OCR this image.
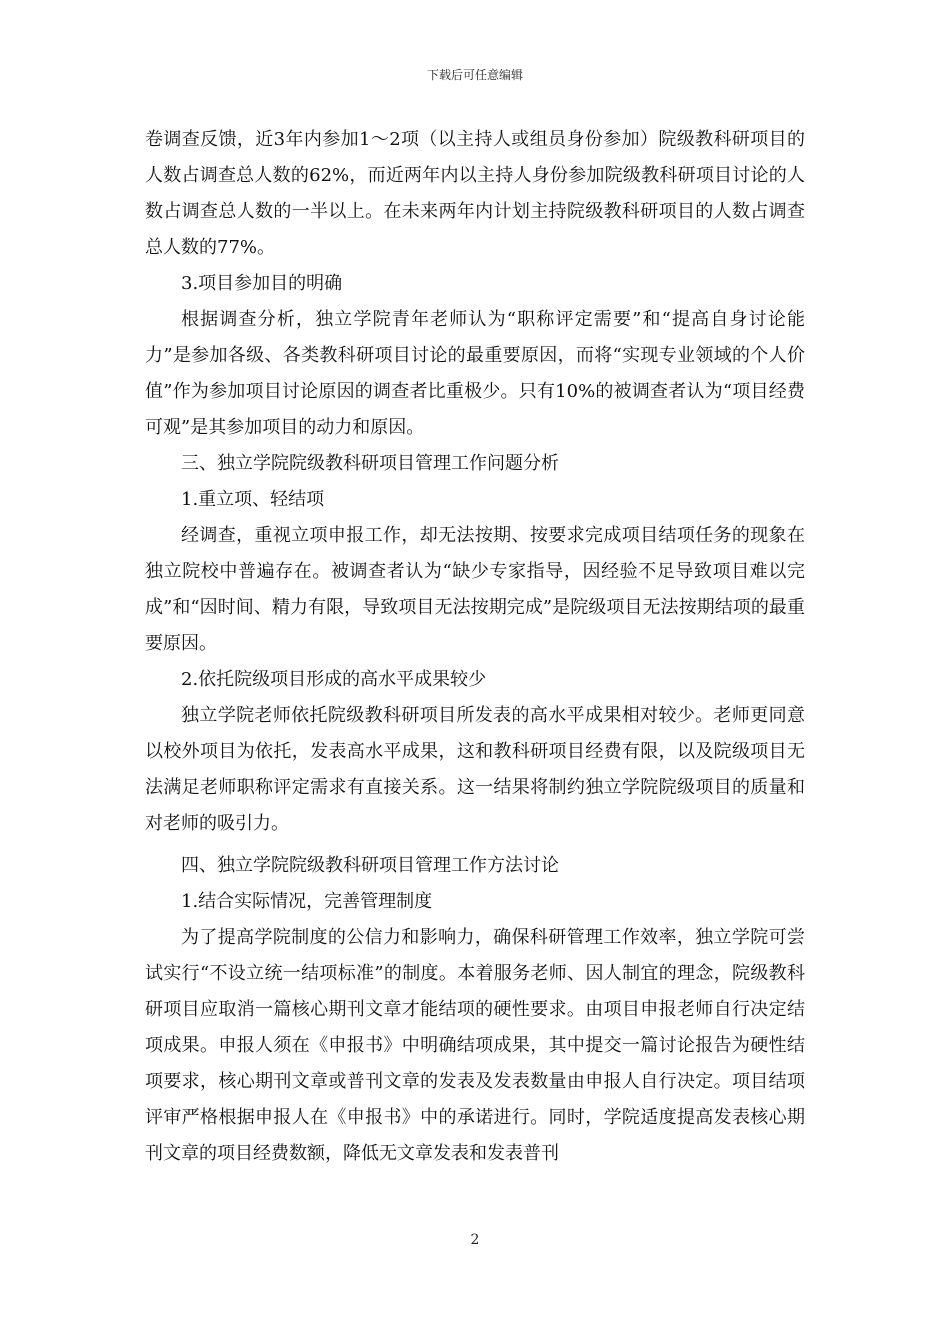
下载后可任意编辑

卷调查反馈，近3年内参加1～2项（以主持人或组员身份参加）院级教科研项目的人数占调查总人数的62%，而近两年内以主持人身份参加院级教科研项目讨论的人数占调查总人数的一半以上。在未来两年内计划主持院级教科研项目的人数占调查总人数的77%。

3.项目参加目的明确

根据调查分析，独立学院青年老师认为“职称评定需要”和“提高自身讨论能力”是参加各级、各类教科研项目讨论的最重要原因，而将“实现专业领域的个人价值”作为参加项目讨论原因的调查者比重极少。只有10%的被调查者认为“项目经费可观”是其参加项目的动力和原因。

三、独立学院院级教科研项目管理工作问题分析

1.重立项、轻结项

经调查，重视立项申报工作，却无法按期、按要求完成项目结项任务的现象在独立院校中普遍存在。被调查者认为“缺少专家指导，因经验不足导致项目难以完成”和“因时间、精力有限，导致项目无法按期完成”是院级项目无法按期结项的最重要原因。

2.依托院级项目形成的高水平成果较少

独立学院老师依托院级教科研项目所发表的高水平成果相对较少。老师更同意以校外项目为依托，发表高水平成果，这和教科研项目经费有限，以及院级项目无法满足老师职称评定需求有直接关系。这一结果将制约独立学院院级项目的质量和对老师的吸引力。

四、独立学院院级教科研项目管理工作方法讨论

1.结合实际情况，完善管理制度

为了提高学院制度的公信力和影响力，确保科研管理工作效率，独立学院可尝试实行“不设立统一结项标准”的制度。本着服务老师、因人制宜的理念，院级教科研项目应取消一篇核心期刊文章才能结项的硬性要求。由项目申报老师自行决定结项成果。申报人须在《申报书》中明确结项成果，其中提交一篇讨论报告为硬性结项要求，核心期刊文章或普刊文章的发表及发表数量由申报人自行决定。项目结项评审严格根据申报人在《申报书》中的承诺进行。同时，学院适度提高发表核心期刊文章的项目经费数额，降低无文章发表和发表普刊

2
